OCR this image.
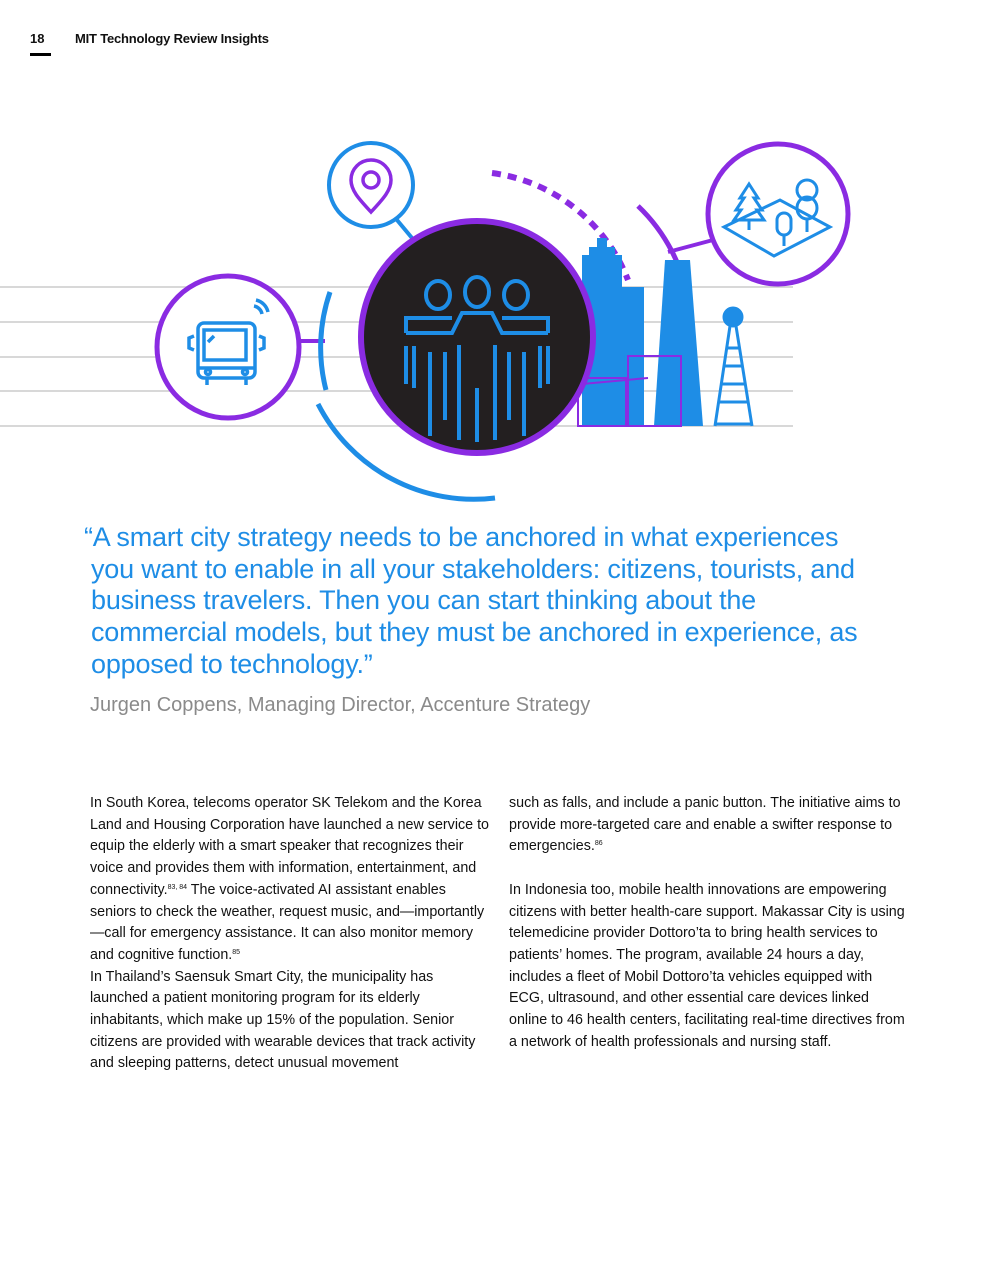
18 MIT Technology Review Insights

“A smart city strategy needs to be anchored in what experiences you want to enable in all your stakeholders: citizens, tourists, and business travelers. Then you can start thinking about the commercial models, but they must be anchored in experience, as opposed to technology.”

Jurgen Coppens, Managing Director, Accenture Strategy

In South Korea, telecoms operator SK Telekom and the Korea Land and Housing Corporation have launched a new service to equip the elderly with a smart speaker that recognizes their voice and provides them with information, entertainment, and connectivity.$^{83, 84}$ The voice-activated AI assistant enables seniors to check the weather, request music, and—importantly—call for emergency assistance. It can also monitor memory and cognitive function.$^{85}$

In Thailand’s Saensuk Smart City, the municipality has launched a patient monitoring program for its elderly inhabitants, which make up 15% of the population. Senior citizens are provided with wearable devices that track activity and sleeping patterns, detect unusual movement

such as falls, and include a panic button. The initiative aims to provide more-targeted care and enable a swifter response to emergencies.$^{86}$

In Indonesia too, mobile health innovations are empowering citizens with better health-care support. Makassar City is using telemedicine provider Dottoro’ta to bring health services to patients’ homes. The program, available 24 hours a day, includes a fleet of Mobil Dottoro’ta vehicles equipped with ECG, ultrasound, and other essential care devices linked online to 46 health centers, facilitating real-time directives from a network of health professionals and nursing staff.
